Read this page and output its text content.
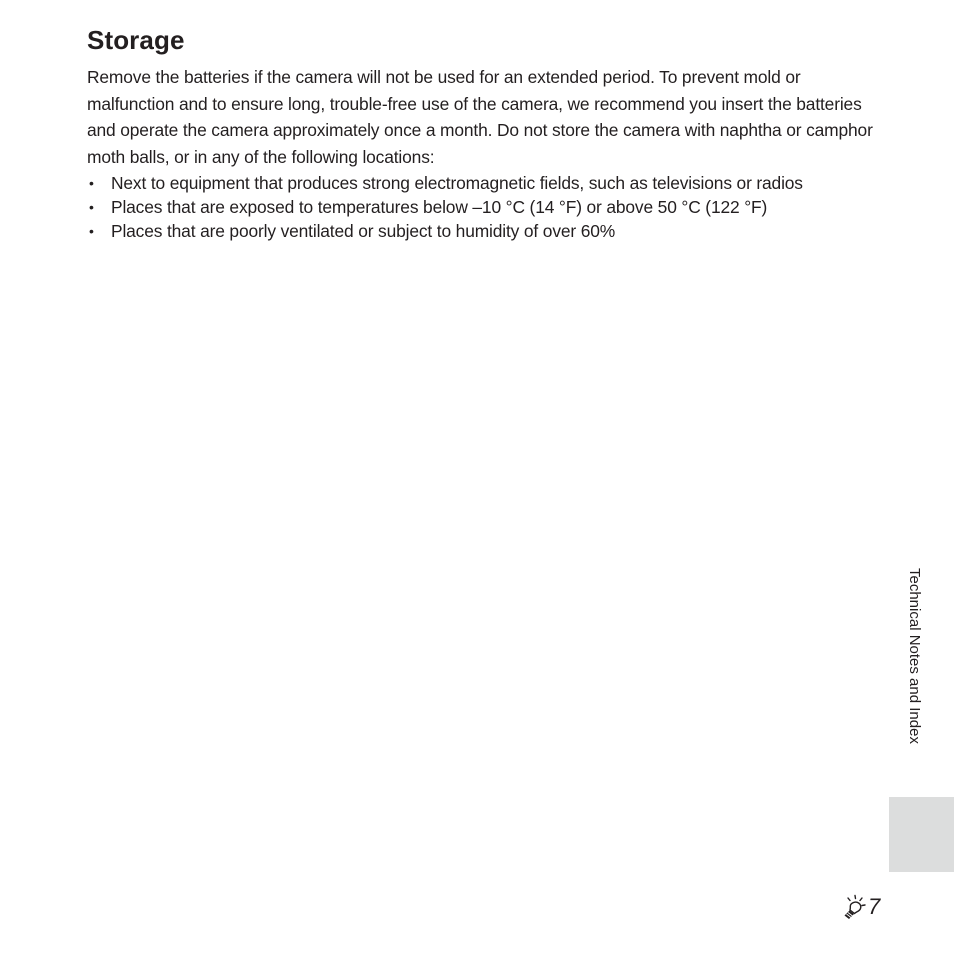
Storage

Remove the batteries if the camera will not be used for an extended period. To prevent mold or malfunction and to ensure long, trouble-free use of the camera, we recommend you insert the batteries and operate the camera approximately once a month. Do not store the camera with naphtha or camphor moth balls, or in any of the following locations:

• Next to equipment that produces strong electromagnetic fields, such as televisions or radios
• Places that are exposed to temperatures below –10 °C (14 °F) or above 50 °C (122 °F)
• Places that are poorly ventilated or subject to humidity of over 60%
Technical Notes and Index
7
